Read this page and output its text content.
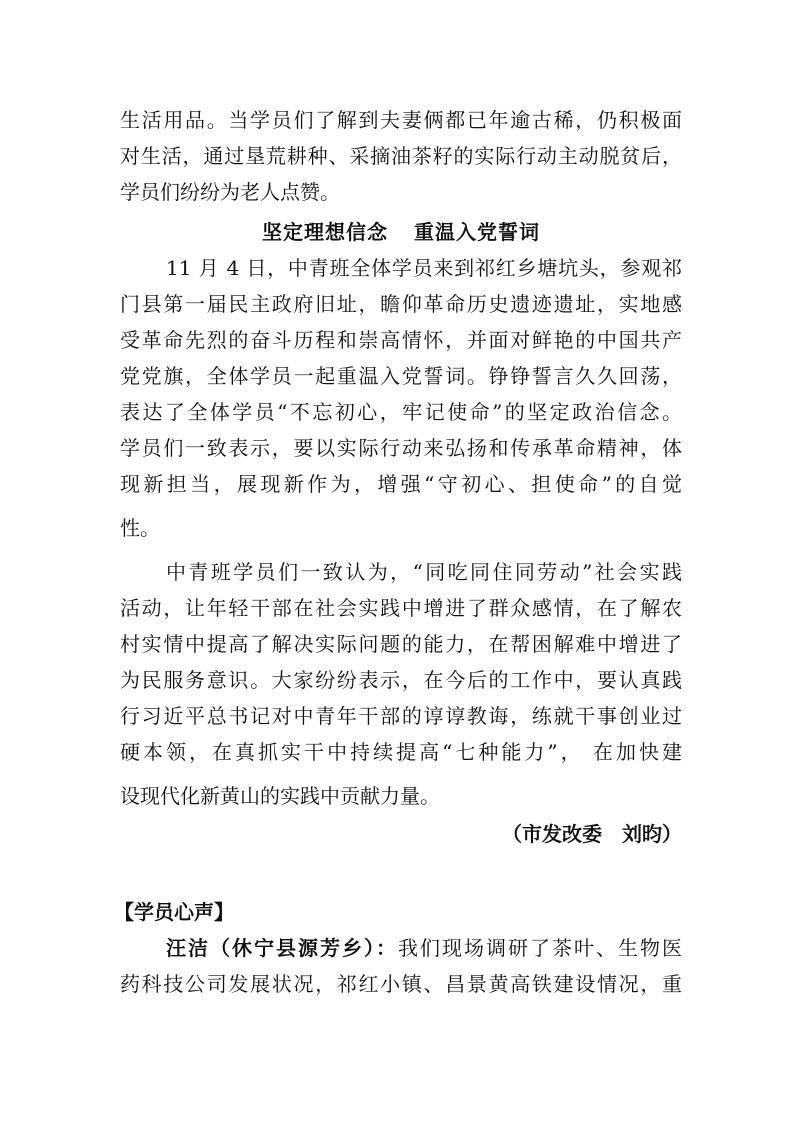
生活用品。当学员们了解到夫妻俩都已年逾古稀，仍积极面
对生活，通过垦荒耕种、采摘油茶籽的实际行动主动脱贫后，
学员们纷纷为老人点赞。
坚定理想信念 重温入党誓词
11 月 4 日，中青班全体学员来到祁红乡塘坑头，参观祁
门县第一届民主政府旧址，瞻仰革命历史遗迹遗址，实地感
受革命先烈的奋斗历程和崇高情怀，并面对鲜艳的中国共产
党党旗，全体学员一起重温入党誓词。铮铮誓言久久回荡，
表达了全体学员“不忘初心，牢记使命”的坚定政治信念。
学员们一致表示，要以实际行动来弘扬和传承革命精神，体
现新担当，展现新作为，增强“守初心、担使命”的自觉
性。
中青班学员们一致认为，“同吃同住同劳动”社会实践
活动，让年轻干部在社会实践中增进了群众感情，在了解农
村实情中提高了解决实际问题的能力，在帮困解难中增进了
为民服务意识。大家纷纷表示，在今后的工作中，要认真践
行习近平总书记对中青年干部的谆谆教诲，练就干事创业过
硬本领，在真抓实干中持续提高“七种能力”， 在加快建
设现代化新黄山的实践中贡献力量。
（市发改委　刘昀）
【学员心声】
汪洁（休宁县源芳乡）：我们现场调研了茶叶、生物医
药科技公司发展状况，祁红小镇、昌景黄高铁建设情况，重
